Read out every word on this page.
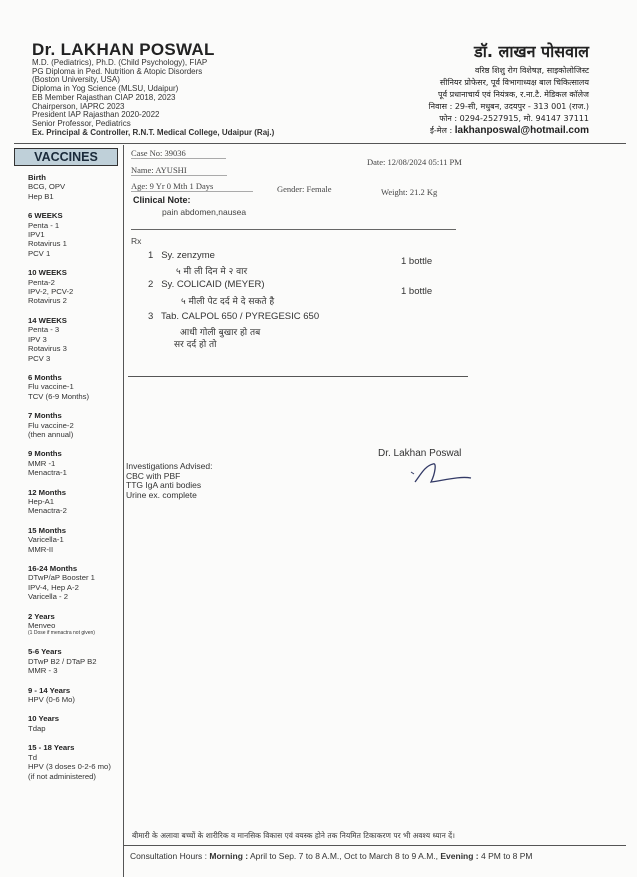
Dr. LAKHAN POSWAL
M.D. (Pediatrics), Ph.D. (Child Psychology), FIAP
PG Diploma in Ped. Nutrition & Atopic Disorders
(Boston University, USA)
Diploma in Yog Science (MLSU, Udaipur)
EB Member Rajasthan CIAP 2018, 2023
Chairperson, IAPRC 2023
President IAP Rajasthan 2020-2022
Senior Professor, Pediatrics
Ex. Principal & Controller, R.N.T. Medical College, Udaipur (Raj.)
डॉ. लाखन पोसवाल
वरिष्ठ शिशु रोग विशेषज्ञ, साइकोलोजिस्ट
सीनियर प्रोफेसर, पूर्व विभागाध्यक्ष बाल चिकित्सालय
पूर्व प्रधानाचार्य एवं नियंत्रक, र.ना.टै. मेडिकल कॉलेज
निवास : 29-सी, मधुबन, उदयपुर - 313 001 (राज.)
फोन : 0294-2527915, मो. 94147 37111
ई-मेल : lakhanposwal@hotmail.com
VACCINES
Birth
BCG, OPV
Hep B1
6 WEEKS
Penta - 1
IPV1
Rotavirus 1
PCV 1
10 WEEKS
Penta-2
IPV-2, PCV-2
Rotavirus 2
14 WEEKS
Penta - 3
IPV 3
Rotavirus 3
PCV 3
6 Months
Flu vaccine-1
TCV (6-9 Months)
7 Months
Flu vaccine-2
(then annual)
9 Months
MMR -1
Menactra-1
12 Months
Hep-A1
Menactra-2
15 Months
Varicella-1
MMR-II
16-24 Months
DTwP/aP Booster 1
IPV-4, Hep A-2
Varicella - 2
2 Years
Menveo
(1 Dose if menactra not given)
5-6 Years
DTwP B2 / DTaP B2
MMR - 3
9 - 14 Years
HPV (0-6 Mo)
10 Years
Tdap
15 - 18 Years
Td
HPV (3 doses 0-2-6 mo)
(if not administered)
Case No: 39036
Date: 12/08/2024 05:11 PM
Name: AYUSHI
Age: 9 Yr 0 Mth 1 Days	Gender: Female	Weight: 21.2 Kg
Clinical Note:
pain abdomen,nausea
Rx
1 Sy. zenzyme
५ मी ली दिन मे २ वार
1 bottle
2 Sy. COLICAID (MEYER)
५ मीली पेट दर्द मे दे सकते है
1 bottle
3 Tab. CALPOL 650 / PYREGESIC 650
आधी गोली बुखार हो तब
सर दर्द हो तो
Dr. Lakhan Poswal
Investigations Advised:
CBC with PBF
TTG IgA anti bodies
Urine ex. complete
बीमारी के अलावा बच्चों के शारीरिक व मानसिक विकास एवं वयस्क होने तक नियमित टिकाकरण पर भी अवश्य ध्यान दें।
Consultation Hours : Morning : April to Sep. 7 to 8 A.M., Oct to March 8 to 9 A.M., Evening : 4 PM to 8 PM
